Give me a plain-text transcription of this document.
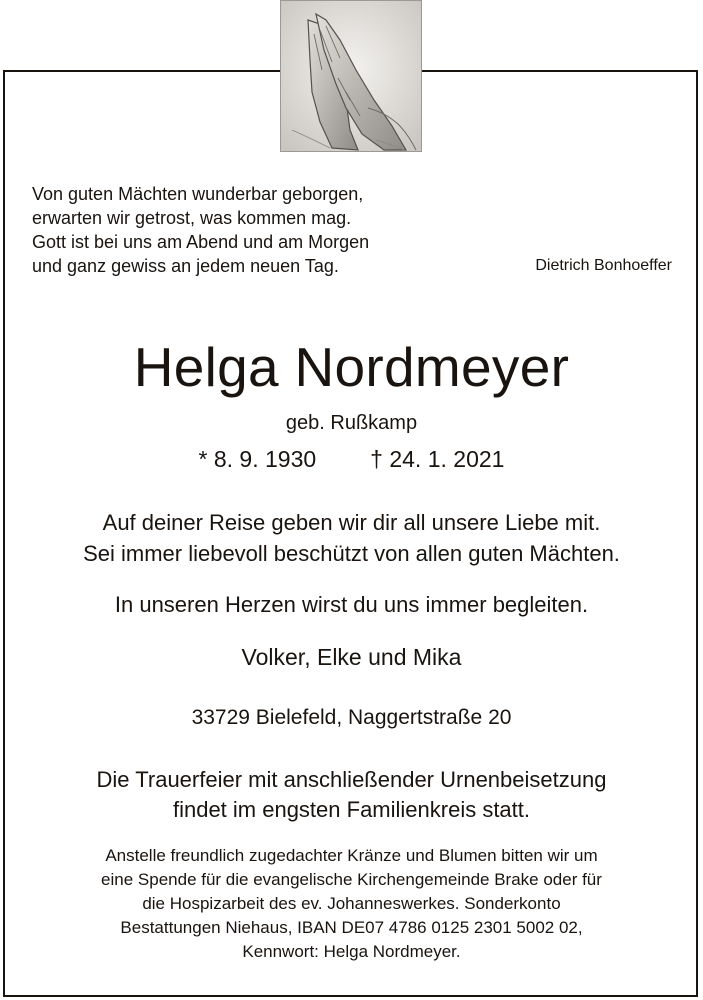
Von guten Mächten wunderbar geborgen,
erwarten wir getrost, was kommen mag.
Gott ist bei uns am Abend und am Morgen
und ganz gewiss an jedem neuen Tag.	Dietrich Bonhoeffer
Helga Nordmeyer
geb. Rußkamp
* 8. 9. 1930 † 24. 1. 2021
Auf deiner Reise geben wir dir all unsere Liebe mit.
Sei immer liebevoll beschützt von allen guten Mächten.
In unseren Herzen wirst du uns immer begleiten.
Volker, Elke und Mika
33729 Bielefeld, Naggertstraße 20
Die Trauerfeier mit anschließender Urnenbeisetzung
findet im engsten Familienkreis statt.
Anstelle freundlich zugedachter Kränze und Blumen bitten wir um
eine Spende für die evangelische Kirchengemeinde Brake oder für
die Hospizarbeit des ev. Johanneswerkes. Sonderkonto
Bestattungen Niehaus, IBAN DE07 4786 0125 2301 5002 02,
Kennwort: Helga Nordmeyer.
